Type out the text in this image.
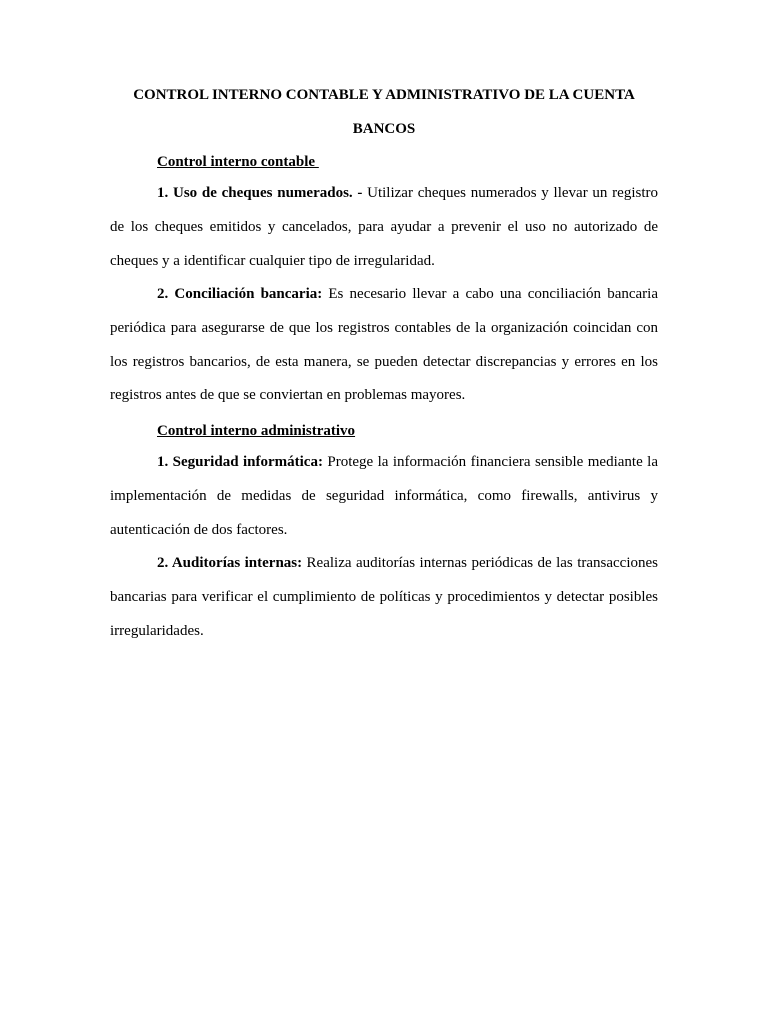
CONTROL INTERNO CONTABLE Y ADMINISTRATIVO DE LA CUENTA
BANCOS
Control interno contable

1. Uso de cheques numerados. - Utilizar cheques numerados y llevar un registro de los cheques emitidos y cancelados, para ayudar a prevenir el uso no autorizado de cheques y a identificar cualquier tipo de irregularidad.

2. Conciliación bancaria: Es necesario llevar a cabo una conciliación bancaria periódica para asegurarse de que los registros contables de la organización coincidan con los registros bancarios, de esta manera, se pueden detectar discrepancias y errores en los registros antes de que se conviertan en problemas mayores.

Control interno administrativo

1. Seguridad informática: Protege la información financiera sensible mediante la implementación de medidas de seguridad informática, como firewalls, antivirus y autenticación de dos factores.

2. Auditorías internas: Realiza auditorías internas periódicas de las transacciones bancarias para verificar el cumplimiento de políticas y procedimientos y detectar posibles irregularidades.
